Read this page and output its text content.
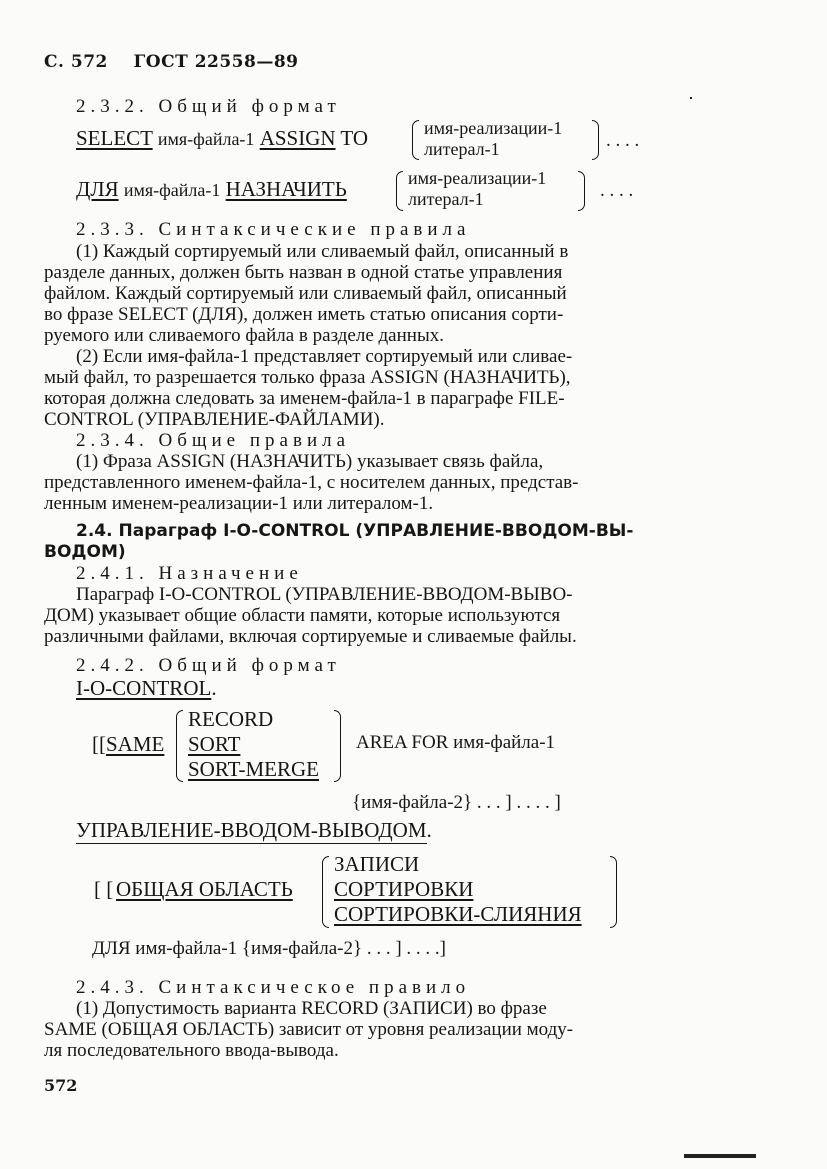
С. 572 ГОСТ 22558—89
2.3.2. Общий формат
SELECT имя-файла-1 ASSIGN TO	имя-реализации-1
литерал-1	. . . .
ДЛЯ имя-файла-1 НАЗНАЧИТЬ	имя-реализации-1
литерал-1	. . . .
2.3.3. Синтаксические правила
(1) Каждый сортируемый или сливаемый файл, описанный в
разделе данных, должен быть назван в одной статье управления
файлом. Каждый сортируемый или сливаемый файл, описанный
во фразе SELECT (ДЛЯ), должен иметь статью описания сорти-
руемого или сливаемого файла в разделе данных.
(2) Если имя-файла-1 представляет сортируемый или сливае-
мый файл, то разрешается только фраза ASSIGN (НАЗНАЧИТЬ),
которая должна следовать за именем-файла-1 в параграфе FILE-
CONTROL (УПРАВЛЕНИЕ-ФАЙЛАМИ).
2.3.4. Общие правила
(1) Фраза ASSIGN (НАЗНАЧИТЬ) указывает связь файла,
представленного именем-файла-1, с носителем данных, представ-
ленным именем-реализации-1 или литералом-1.
2.4. Параграф I-O-CONTROL (УПРАВЛЕНИЕ-ВВОДОМ-ВЫ-
ВОДОМ)
2.4.1. Назначение
Параграф I-O-CONTROL (УПРАВЛЕНИЕ-ВВОДОМ-ВЫВО-
ДОМ) указывает общие области памяти, которые используются
различными файлами, включая сортируемые и сливаемые файлы.
2.4.2. Общий формат
I-O-CONTROL.
[[ SAME
RECORD
SORT
SORT-MERGE
AREA FOR имя-файла-1
{имя-файла-2} . . . ] . . . . ]
УПРАВЛЕНИЕ-ВВОДОМ-ВЫВОДОМ.
[ [ ОБЩАЯ ОБЛАСТЬ
ЗАПИСИ
СОРТИРОВКИ
СОРТИРОВКИ-СЛИЯНИЯ
ДЛЯ имя-файла-1 {имя-файла-2} . . . ] . . . .]
2.4.3. Синтаксическое правило
(1) Допустимость варианта RECORD (ЗАПИСИ) во фразе
SAME (ОБЩАЯ ОБЛАСТЬ) зависит от уровня реализации моду-
ля последовательного ввода-вывода.
572
